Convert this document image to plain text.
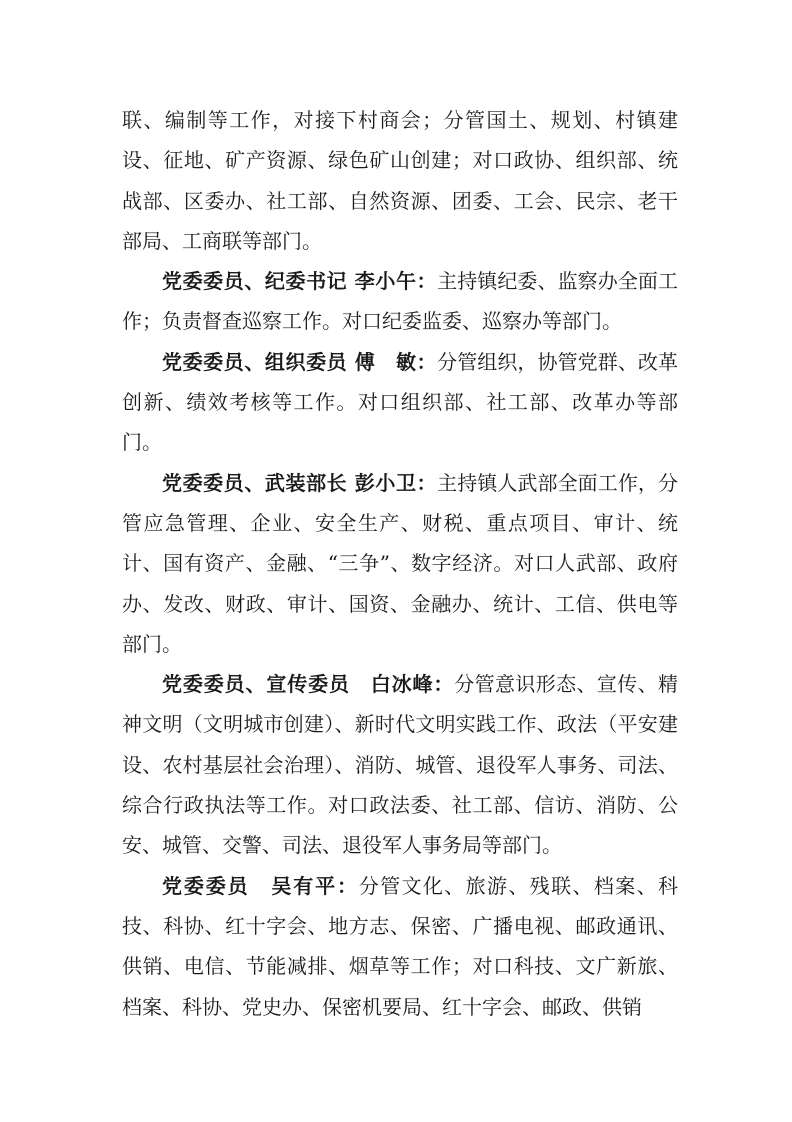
联、编制等工作，对接下村商会；分管国土、规划、村镇建设、征地、矿产资源、绿色矿山创建；对口政协、组织部、统战部、区委办、社工部、自然资源、团委、工会、民宗、老干部局、工商联等部门。

党委委员、纪委书记 李小午：主持镇纪委、监察办全面工作；负责督查巡察工作。对口纪委监委、巡察办等部门。

党委委员、组织委员 傅　敏：分管组织，协管党群、改革创新、绩效考核等工作。对口组织部、社工部、改革办等部门。

党委委员、武装部长 彭小卫：主持镇人武部全面工作，分管应急管理、企业、安全生产、财税、重点项目、审计、统计、国有资产、金融、“三争”、数字经济。对口人武部、政府办、发改、财政、审计、国资、金融办、统计、工信、供电等部门。

党委委员、宣传委员　白冰峰：分管意识形态、宣传、精神文明（文明城市创建）、新时代文明实践工作、政法（平安建设、农村基层社会治理）、消防、城管、退役军人事务、司法、综合行政执法等工作。对口政法委、社工部、信访、消防、公安、城管、交警、司法、退役军人事务局等部门。

党委委员　吴有平：分管文化、旅游、残联、档案、科技、科协、红十字会、地方志、保密、广播电视、邮政通讯、供销、电信、节能减排、烟草等工作；对口科技、文广新旅、档案、科协、党史办、保密机要局、红十字会、邮政、供销
